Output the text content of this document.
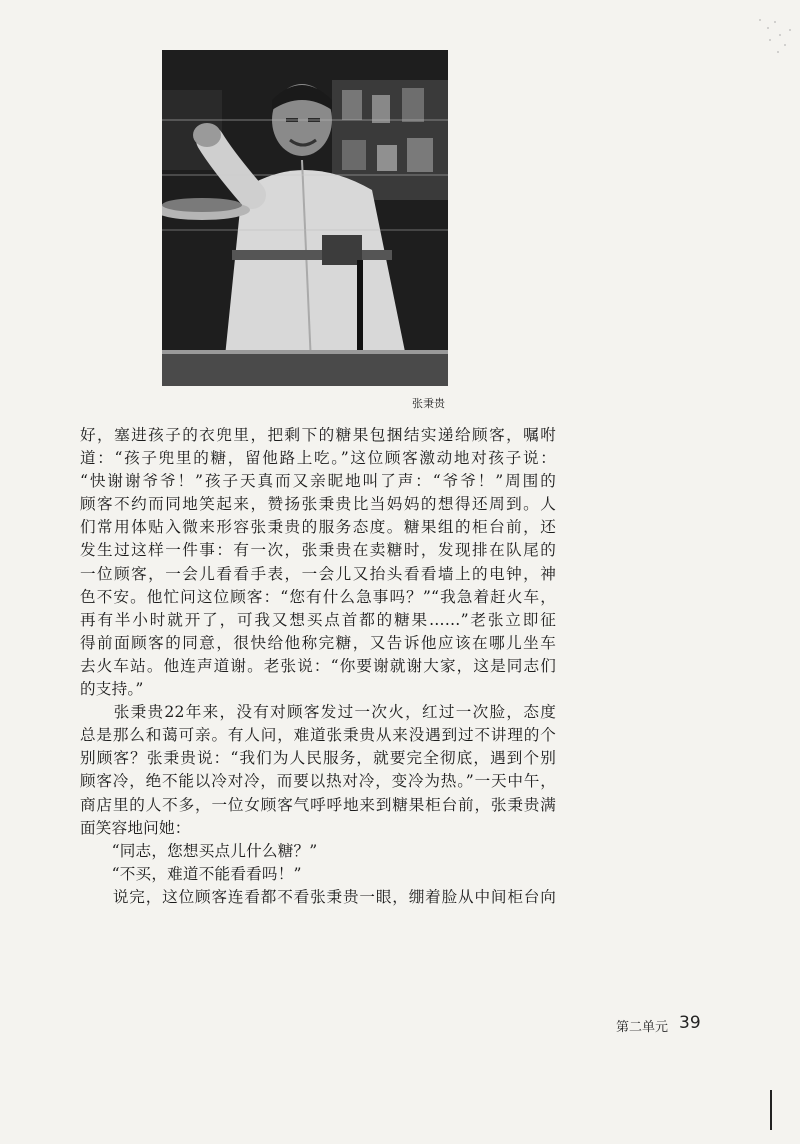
张秉贵
好，塞进孩子的衣兜里，把剩下的糖果包捆结实递给顾客，嘱咐
道：“孩子兜里的糖，留他路上吃。”这位顾客激动地对孩子说：
“快谢谢爷爷！”孩子天真而又亲昵地叫了声：“爷爷！”周围的
顾客不约而同地笑起来，赞扬张秉贵比当妈妈的想得还周到。人
们常用体贴入微来形容张秉贵的服务态度。糖果组的柜台前，还
发生过这样一件事：有一次，张秉贵在卖糖时，发现排在队尾的
一位顾客，一会儿看看手表，一会儿又抬头看看墙上的电钟，神
色不安。他忙问这位顾客：“您有什么急事吗？”“我急着赶火车，
再有半小时就开了，可我又想买点首都的糖果……”老张立即征
得前面顾客的同意，很快给他称完糖，又告诉他应该在哪儿坐车
去火车站。他连声道谢。老张说：“你要谢就谢大家，这是同志们
的支持。”
　　张秉贵22年来，没有对顾客发过一次火，红过一次脸，态度
总是那么和蔼可亲。有人问，难道张秉贵从来没遇到过不讲理的个
别顾客？张秉贵说：“我们为人民服务，就要完全彻底，遇到个别
顾客冷，绝不能以冷对冷，而要以热对冷，变冷为热。”一天中午，
商店里的人不多，一位女顾客气呼呼地来到糖果柜台前，张秉贵满
面笑容地问她：
　　“同志，您想买点儿什么糖？”
　　“不买，难道不能看看吗！”
　　说完，这位顾客连看都不看张秉贵一眼，绷着脸从中间柜台向
第二单元 39
